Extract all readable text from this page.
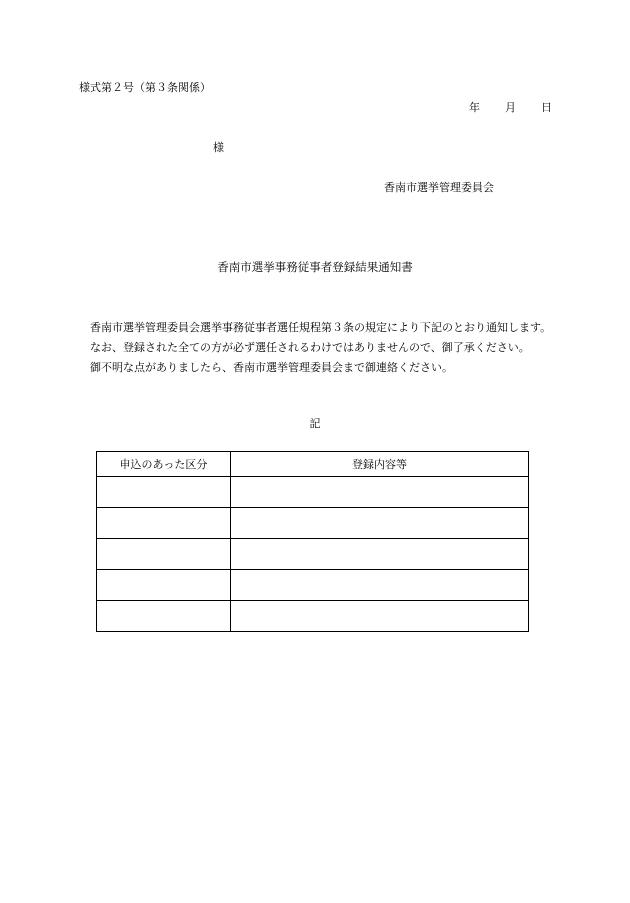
様式第２号（第３条関係）
年 月 日
様
香南市選挙管理委員会
香南市選挙事務従事者登録結果通知書

香南市選挙管理委員会選挙事務従事者選任規程第３条の規定により下記のとおり通知します。

なお、登録された全ての方が必ず選任されるわけではありませんので、御了承ください。

御不明な点がありましたら、香南市選挙管理委員会まで御連絡ください。

記
申込のあった区分	登録内容等
